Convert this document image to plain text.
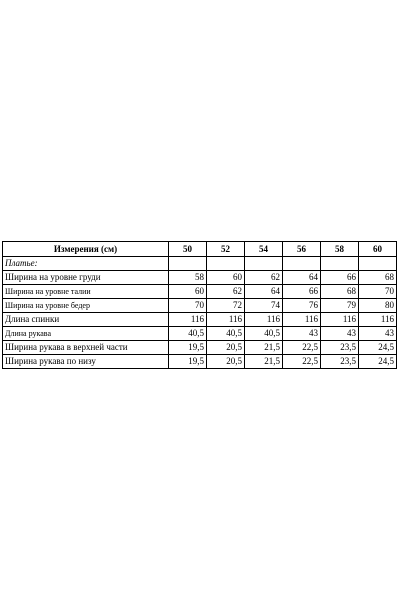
Измерения (см)	50	52	54	56	58	60
Платье:						
Ширина на уровне груди	58	60	62	64	66	68
Ширина на уровне талии	60	62	64	66	68	70
Ширина на уровне бедер	70	72	74	76	79	80
Длина спинки	116	116	116	116	116	116
Длина рукава	40,5	40,5	40,5	43	43	43
Ширина рукава в верхней части	19,5	20,5	21,5	22,5	23,5	24,5
Ширина рукава по низу	19,5	20,5	21,5	22,5	23,5	24,5
